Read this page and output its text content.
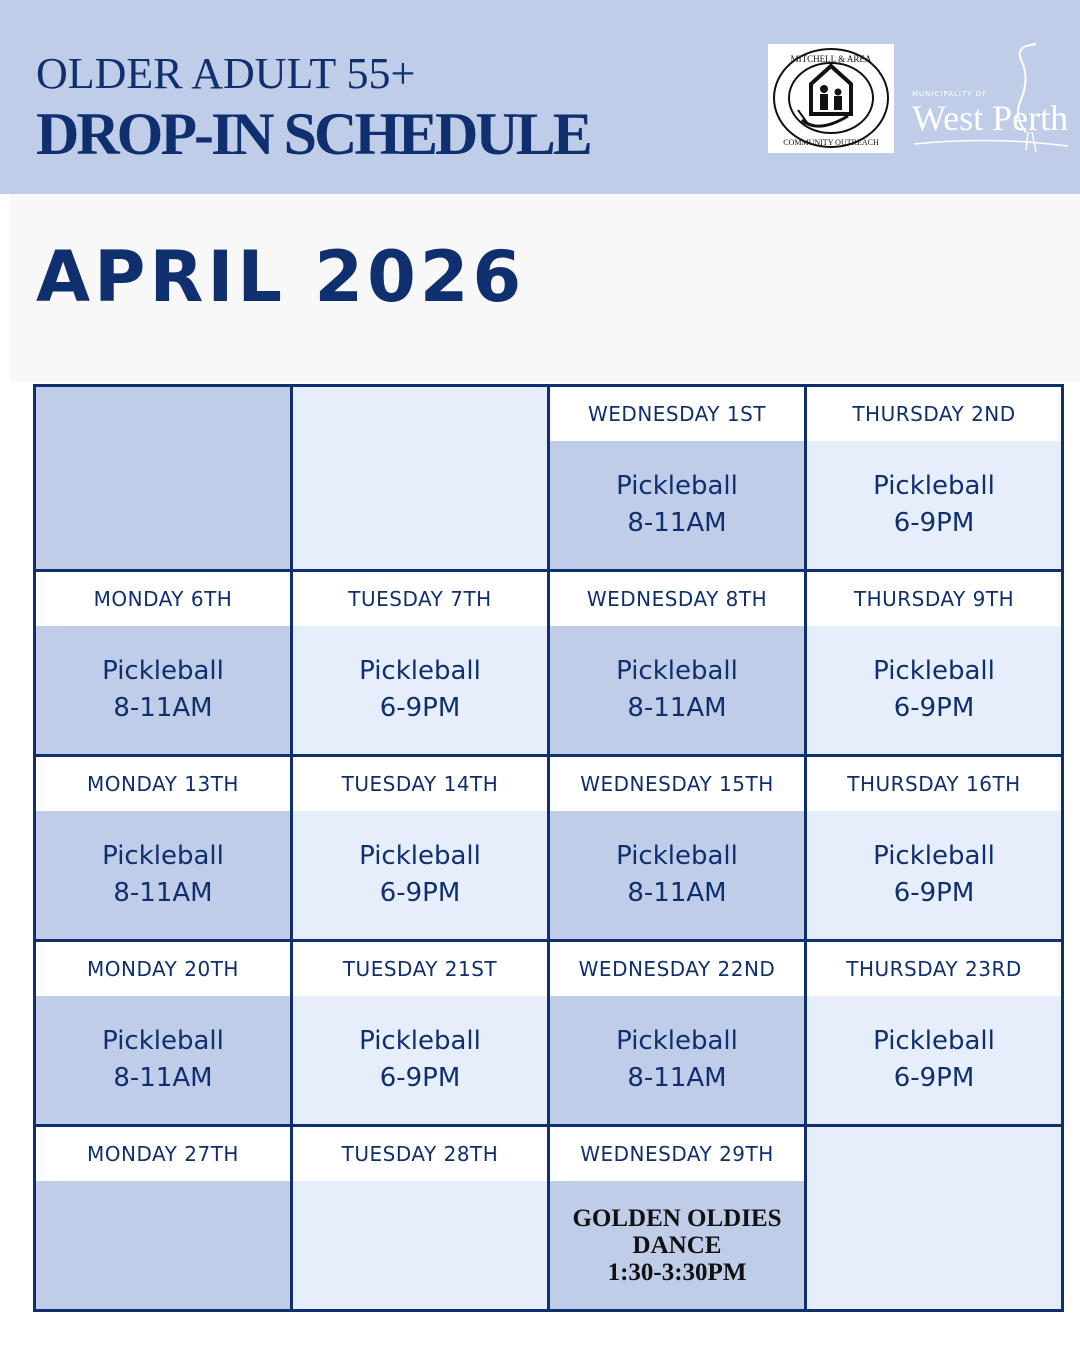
OLDER ADULT 55+
DROP-IN SCHEDULE
MITCHELL & AREA
COMMUNITY OUTREACH
MUNICIPALITY OF
West Perth
APRIL 2026
WEDNESDAY 1ST
Pickleball
8-11AM
THURSDAY 2ND
Pickleball
6-9PM
MONDAY 6TH
Pickleball
8-11AM
TUESDAY 7TH
Pickleball
6-9PM
WEDNESDAY 8TH
Pickleball
8-11AM
THURSDAY 9TH
Pickleball
6-9PM
MONDAY 13TH
Pickleball
8-11AM
TUESDAY 14TH
Pickleball
6-9PM
WEDNESDAY 15TH
Pickleball
8-11AM
THURSDAY 16TH
Pickleball
6-9PM
MONDAY 20TH
Pickleball
8-11AM
TUESDAY 21ST
Pickleball
6-9PM
WEDNESDAY 22ND
Pickleball
8-11AM
THURSDAY 23RD
Pickleball
6-9PM
MONDAY 27TH	TUESDAY 28TH	WEDNESDAY 29TH
GOLDEN OLDIES
DANCE
1:30-3:30PM
